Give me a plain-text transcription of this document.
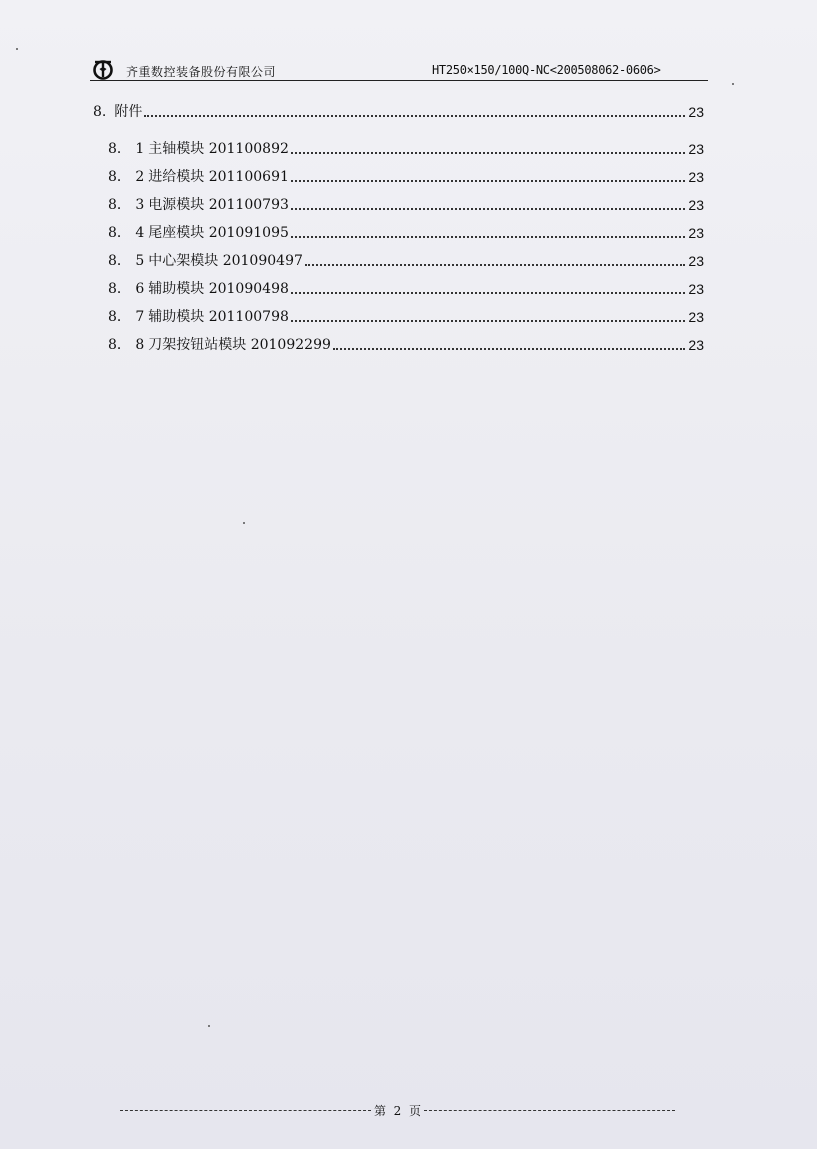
齐重数控装备股份有限公司	HT250×150/100Q-NC<200508062-0606>
8. 附件	23
8． 1 主轴模块 201100892	23
8． 2 进给模块 201100691	23
8． 3 电源模块 201100793	23
8． 4 尾座模块 201091095	23
8． 5 中心架模块 201090497	23
8． 6 辅助模块 201090498	23
8． 7 辅助模块 201100798	23
8． 8 刀架按钮站模块 201092299	23
第  2  页
